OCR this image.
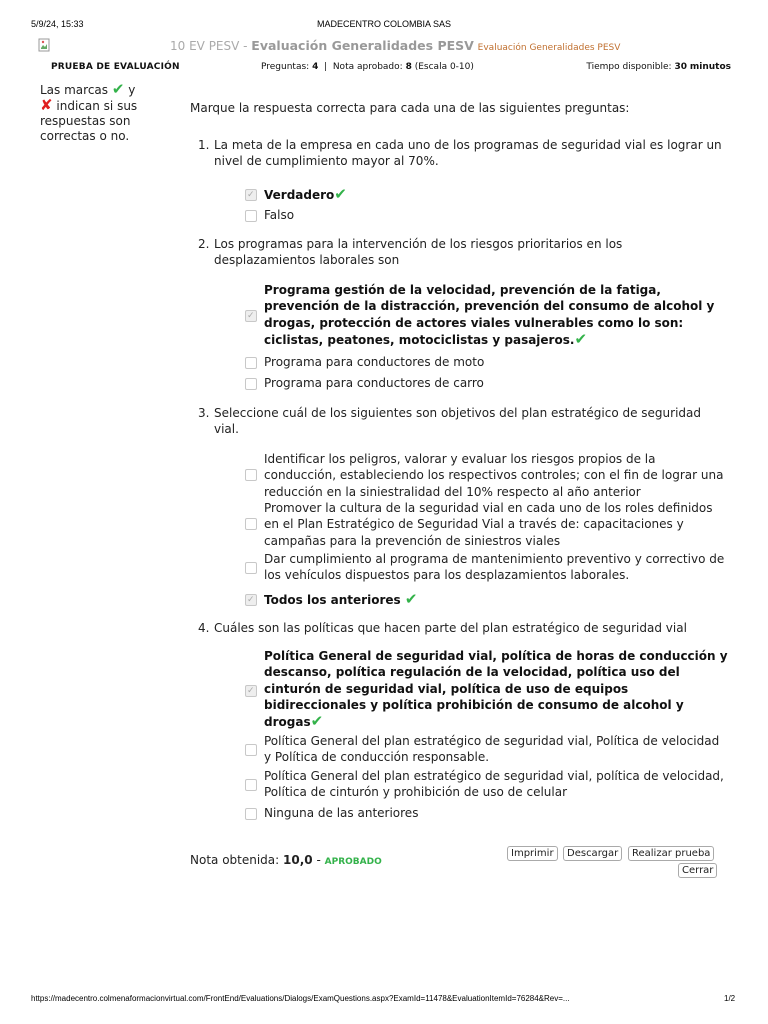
5/9/24, 15:33	MADECENTRO COLOMBIA SAS
10 EV PESV - Evaluación Generalidades PESV Evaluación Generalidades PESV
PRUEBA DE EVALUACIÓN	Preguntas: 4  |  Nota aprobado: 8 (Escala 0-10)	Tiempo disponible: 30 minutos
Las marcas ✔ y ✘ indican si sus respuestas son correctas o no.
Marque la respuesta correcta para cada una de las siguientes preguntas:
1. La meta de la empresa en cada uno de los programas de seguridad vial es lograr un nivel de cumplimiento mayor al 70%.
✓
Verdadero✔
Falso
2. Los programas para la intervención de los riesgos prioritarios en los desplazamientos laborales son
✓
Programa gestión de la velocidad, prevención de la fatiga, prevención de la distracción, prevención del consumo de alcohol y drogas, protección de actores viales vulnerables como lo son: ciclistas, peatones, motociclistas y pasajeros.✔
Programa para conductores de moto
Programa para conductores de carro
3. Seleccione cuál de los siguientes son objetivos del plan estratégico de seguridad vial.
Identificar los peligros, valorar y evaluar los riesgos propios de la conducción, estableciendo los respectivos controles; con el fin de lograr una reducción en la siniestralidad del 10% respecto al año anterior
Promover la cultura de la seguridad vial en cada uno de los roles definidos en el Plan Estratégico de Seguridad Vial a través de: capacitaciones y campañas para la prevención de siniestros viales
Dar cumplimiento al programa de mantenimiento preventivo y correctivo de los vehículos dispuestos para los desplazamientos laborales.
✓
Todos los anteriores ✔
4. Cuáles son las políticas que hacen parte del plan estratégico de seguridad vial
✓
Política General de seguridad vial, política de horas de conducción y descanso, política regulación de la velocidad, política uso del cinturón de seguridad vial, política de uso de equipos bidireccionales y política prohibición de consumo de alcohol y drogas✔
Política General del plan estratégico de seguridad vial, Política de velocidad y Política de conducción responsable.
Política General del plan estratégico de seguridad vial, política de velocidad, Política de cinturón y prohibición de uso de celular
Ninguna de las anteriores
Nota obtenida: 10,0 - APROBADO
Imprimir	Descargar	Realizar prueba
Cerrar
https://madecentro.colmenaformacionvirtual.com/FrontEnd/Evaluations/Dialogs/ExamQuestions.aspx?ExamId=11478&EvaluationItemId=76284&Rev=...	1/2
